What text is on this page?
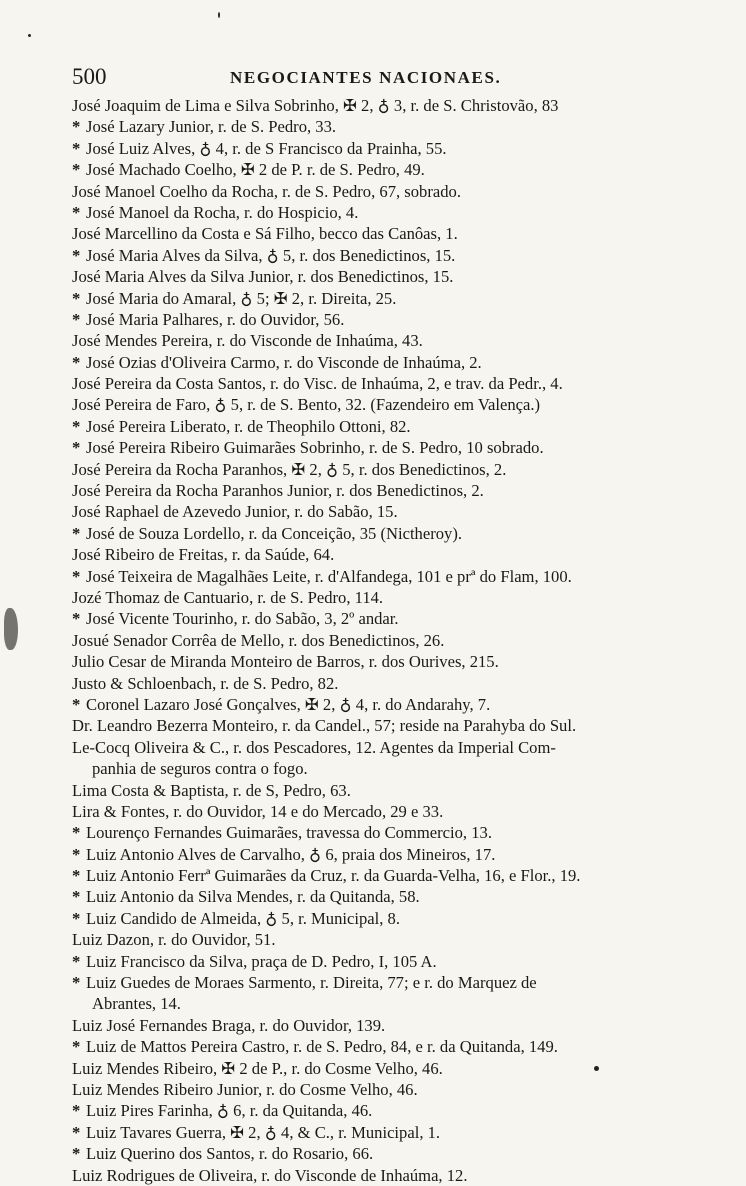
500	NEGOCIANTES NACIONAES.
José Joaquim de Lima e Silva Sobrinho, ✠ 2, ♁ 3, r. de S. Christovão, 83
* José Lazary Junior, r. de S. Pedro, 33.
* José Luiz Alves, ♁ 4, r. de S Francisco da Prainha, 55.
* José Machado Coelho, ✠ 2 de P. r. de S. Pedro, 49.
José Manoel Coelho da Rocha, r. de S. Pedro, 67, sobrado.
* José Manoel da Rocha, r. do Hospicio, 4.
José Marcellino da Costa e Sá Filho, becco das Canôas, 1.
* José Maria Alves da Silva, ♁ 5, r. dos Benedictinos, 15.
José Maria Alves da Silva Junior, r. dos Benedictinos, 15.
* José Maria do Amaral, ♁ 5; ✠ 2, r. Direita, 25.
* José Maria Palhares, r. do Ouvidor, 56.
José Mendes Pereira, r. do Visconde de Inhaúma, 43.
* José Ozias d'Oliveira Carmo, r. do Visconde de Inhaúma, 2.
José Pereira da Costa Santos, r. do Visc. de Inhaúma, 2, e trav. da Pedr., 4.
José Pereira de Faro, ♁ 5, r. de S. Bento, 32. (Fazendeiro em Valença.)
* José Pereira Liberato, r. de Theophilo Ottoni, 82.
* José Pereira Ribeiro Guimarães Sobrinho, r. de S. Pedro, 10 sobrado.
José Pereira da Rocha Paranhos, ✠ 2, ♁ 5, r. dos Benedictinos, 2.
José Pereira da Rocha Paranhos Junior, r. dos Benedictinos, 2.
José Raphael de Azevedo Junior, r. do Sabão, 15.
* José de Souza Lordello, r. da Conceição, 35 (Nictheroy).
José Ribeiro de Freitas, r. da Saúde, 64.
* José Teixeira de Magalhães Leite, r. d'Alfandega, 101 e prª do Flam, 100.
Jozé Thomaz de Cantuario, r. de S. Pedro, 114.
* José Vicente Tourinho, r. do Sabão, 3, 2º andar.
Josué Senador Corrêa de Mello, r. dos Benedictinos, 26.
Julio Cesar de Miranda Monteiro de Barros, r. dos Ourives, 215.
Justo & Schloenbach, r. de S. Pedro, 82.
* Coronel Lazaro José Gonçalves, ✠ 2, ♁ 4, r. do Andarahy, 7.
Dr. Leandro Bezerra Monteiro, r. da Candel., 57; reside na Parahyba do Sul.
Le-Cocq Oliveira & C., r. dos Pescadores, 12. Agentes da Imperial Com-
panhia de seguros contra o fogo.
Lima Costa & Baptista, r. de S, Pedro, 63.
Lira & Fontes, r. do Ouvidor, 14 e do Mercado, 29 e 33.
* Lourenço Fernandes Guimarães, travessa do Commercio, 13.
* Luiz Antonio Alves de Carvalho, ♁ 6, praia dos Mineiros, 17.
* Luiz Antonio Ferrª Guimarães da Cruz, r. da Guarda-Velha, 16, e Flor., 19.
* Luiz Antonio da Silva Mendes, r. da Quitanda, 58.
* Luiz Candido de Almeida, ♁ 5, r. Municipal, 8.
Luiz Dazon, r. do Ouvidor, 51.
* Luiz Francisco da Silva, praça de D. Pedro, I, 105 A.
* Luiz Guedes de Moraes Sarmento, r. Direita, 77; e r. do Marquez de
Abrantes, 14.
Luiz José Fernandes Braga, r. do Ouvidor, 139.
* Luiz de Mattos Pereira Castro, r. de S. Pedro, 84, e r. da Quitanda, 149.
Luiz Mendes Ribeiro, ✠ 2 de P., r. do Cosme Velho, 46.
Luiz Mendes Ribeiro Junior, r. do Cosme Velho, 46.
* Luiz Pires Farinha, ♁ 6, r. da Quitanda, 46.
* Luiz Tavares Guerra, ✠ 2, ♁ 4, & C., r. Municipal, 1.
* Luiz Querino dos Santos, r. do Rosario, 66.
Luiz Rodrigues de Oliveira, r. do Visconde de Inhaúma, 12.
